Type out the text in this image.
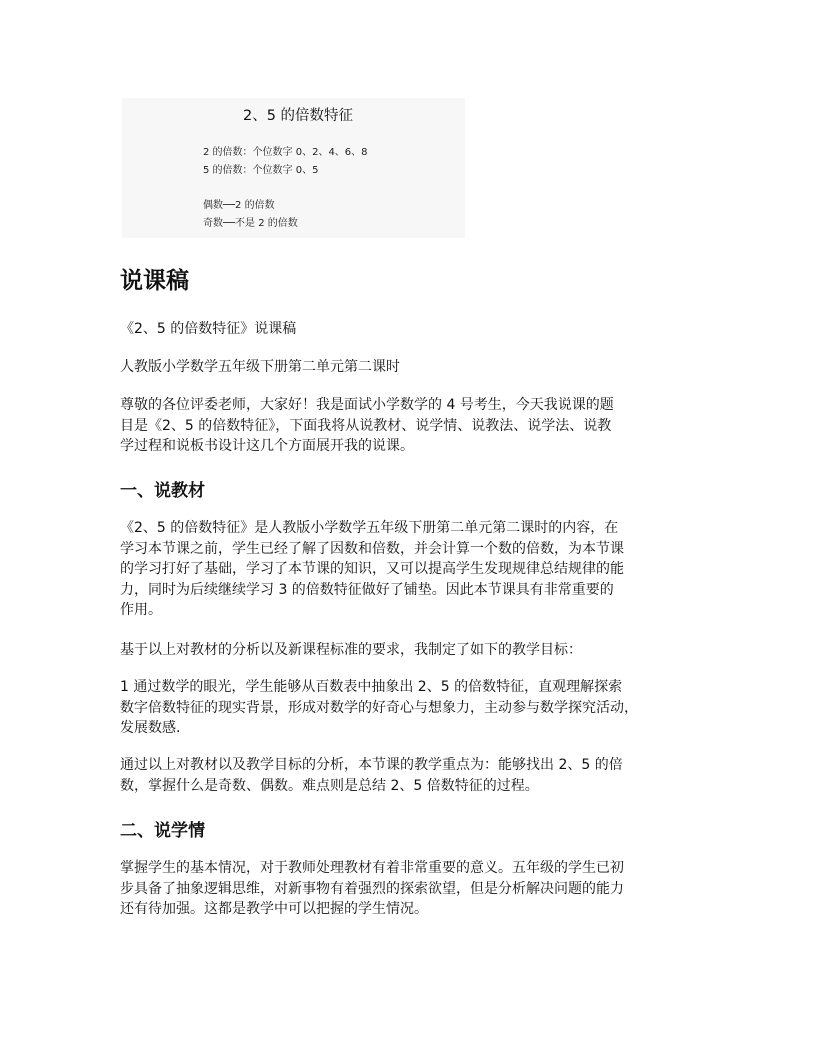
2、5 的倍数特征
2 的倍数：个位数字 0、2、4、6、8
5 的倍数：个位数字 0、5
偶数──2 的倍数
奇数──不是 2 的倍数
说课稿

《2、5 的倍数特征》说课稿

人教版小学数学五年级下册第二单元第二课时

尊敬的各位评委老师，大家好！我是面试小学数学的 4 号考生，今天我说课的题
目是《2、5 的倍数特征》，下面我将从说教材、说学情、说教法、说学法、说教
学过程和说板书设计这几个方面展开我的说课。

一、说教材

《2、5 的倍数特征》是人教版小学数学五年级下册第二单元第二课时的内容，在
学习本节课之前，学生已经了解了因数和倍数，并会计算一个数的倍数，为本节课
的学习打好了基础，学习了本节课的知识，又可以提高学生发现规律总结规律的能
力，同时为后续继续学习 3 的倍数特征做好了铺垫。因此本节课具有非常重要的
作用。

基于以上对教材的分析以及新课程标准的要求，我制定了如下的教学目标：

1 通过数学的眼光，学生能够从百数表中抽象出 2、5 的倍数特征，直观理解探索
数字倍数特征的现实背景，形成对数学的好奇心与想象力，主动参与数学探究活动，
发展数感.

通过以上对教材以及教学目标的分析，本节课的教学重点为：能够找出 2、5 的倍
数，掌握什么是奇数、偶数。难点则是总结 2、5 倍数特征的过程。

二、说学情

掌握学生的基本情况，对于教师处理教材有着非常重要的意义。五年级的学生已初
步具备了抽象逻辑思维，对新事物有着强烈的探索欲望，但是分析解决问题的能力
还有待加强。这都是教学中可以把握的学生情况。
